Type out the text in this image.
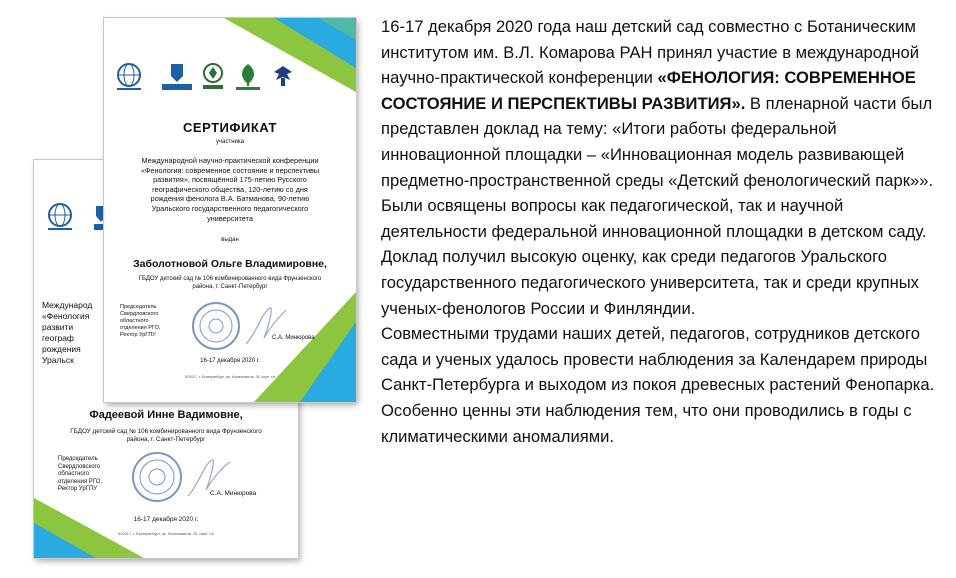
Международ
«Фенология
развити
географ
рождения
Уральск
Фадеевой Инне Вадимовне,
ГБДОУ детский сад № 106 комбинированного вида Фрунзенского
района, г. Санкт-Петербург
Председатель
Свердловского
областного
отделения РГО,
Ректор УрГПУ
С.А. Минюрова
16-17 декабря 2020 г.
620017, г. Екатеринбург, пр. Космонавтов, 26, корп. г/э
СЕРТИФИКАТ
участника
Международной научно-практической конференции
«Фенология: современное состояние и перспективы
развития», посвящённой 175-летию Русского
географического общества, 120-летию со дня
рождения фенолога В.А. Батманова, 90-летию
Уральского государственного педагогического
университета
выдан
Заболотновой Ольге Владимировне,
ГБДОУ детский сад № 106 комбинированного вида Фрунзенского
района, г. Санкт-Петербург
Председатель
Свердловского
областного
отделения РГО,
Ректор УрГПУ	С.А. Минюрова
16-17 декабря 2020 г.
620017, г. Екатеринбург, пр. Космонавтов, 26, корп. г/э

16-17 декабря 2020 года наш детский сад совместно с Ботаническим институтом им. В.Л. Комарова РАН принял участие в международной научно-практической конференции «ФЕНОЛОГИЯ: СОВРЕМЕННОЕ СОСТОЯНИЕ И ПЕРСПЕКТИВЫ РАЗВИТИЯ». В пленарной части был представлен доклад на тему: «Итоги работы федеральной инновационной площадки – «Инновационная модель развивающей предметно-пространственной среды «Детский фенологический парк»». Были освящены вопросы как педагогической, так и научной деятельности федеральной инновационной площадки в детском саду. Доклад получил высокую оценку, как среди педагогов Уральского государственного педагогического университета, так и среди крупных ученых-фенологов России и Финляндии.

Совместными трудами наших детей, педагогов, сотрудников детского сада и ученых удалось провести наблюдения за Календарем природы Санкт-Петербурга и выходом из покоя древесных растений Фенопарка. Особенно ценны эти наблюдения тем, что они проводились в годы с климатическими аномалиями.
